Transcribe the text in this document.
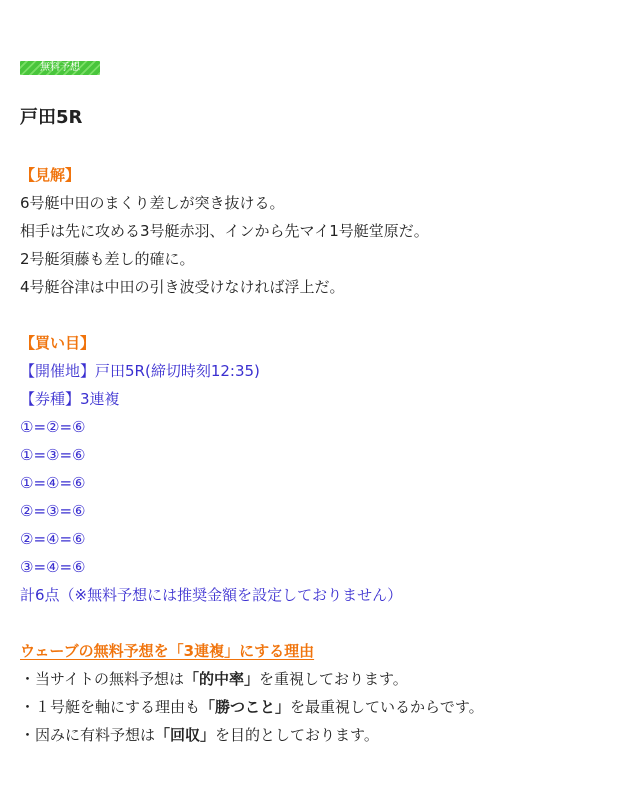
無料予想
戸田5R
【見解】
6号艇中田のまくり差しが突き抜ける。
相手は先に攻める3号艇赤羽、インから先マイ1号艇堂原だ。
2号艇須藤も差し的確に。
4号艇谷津は中田の引き波受けなければ浮上だ。
【買い目】
【開催地】戸田5R(締切時刻12:35)
【券種】3連複
①=②=⑥
①=③=⑥
①=④=⑥
②=③=⑥
②=④=⑥
③=④=⑥
計6点（※無料予想には推奨金額を設定しておりません）
ウェーブの無料予想を「3連複」にする理由
・当サイトの無料予想は「的中率」を重視しております。
・１号艇を軸にする理由も「勝つこと」を最重視しているからです。
・因みに有料予想は「回収」を目的としております。
